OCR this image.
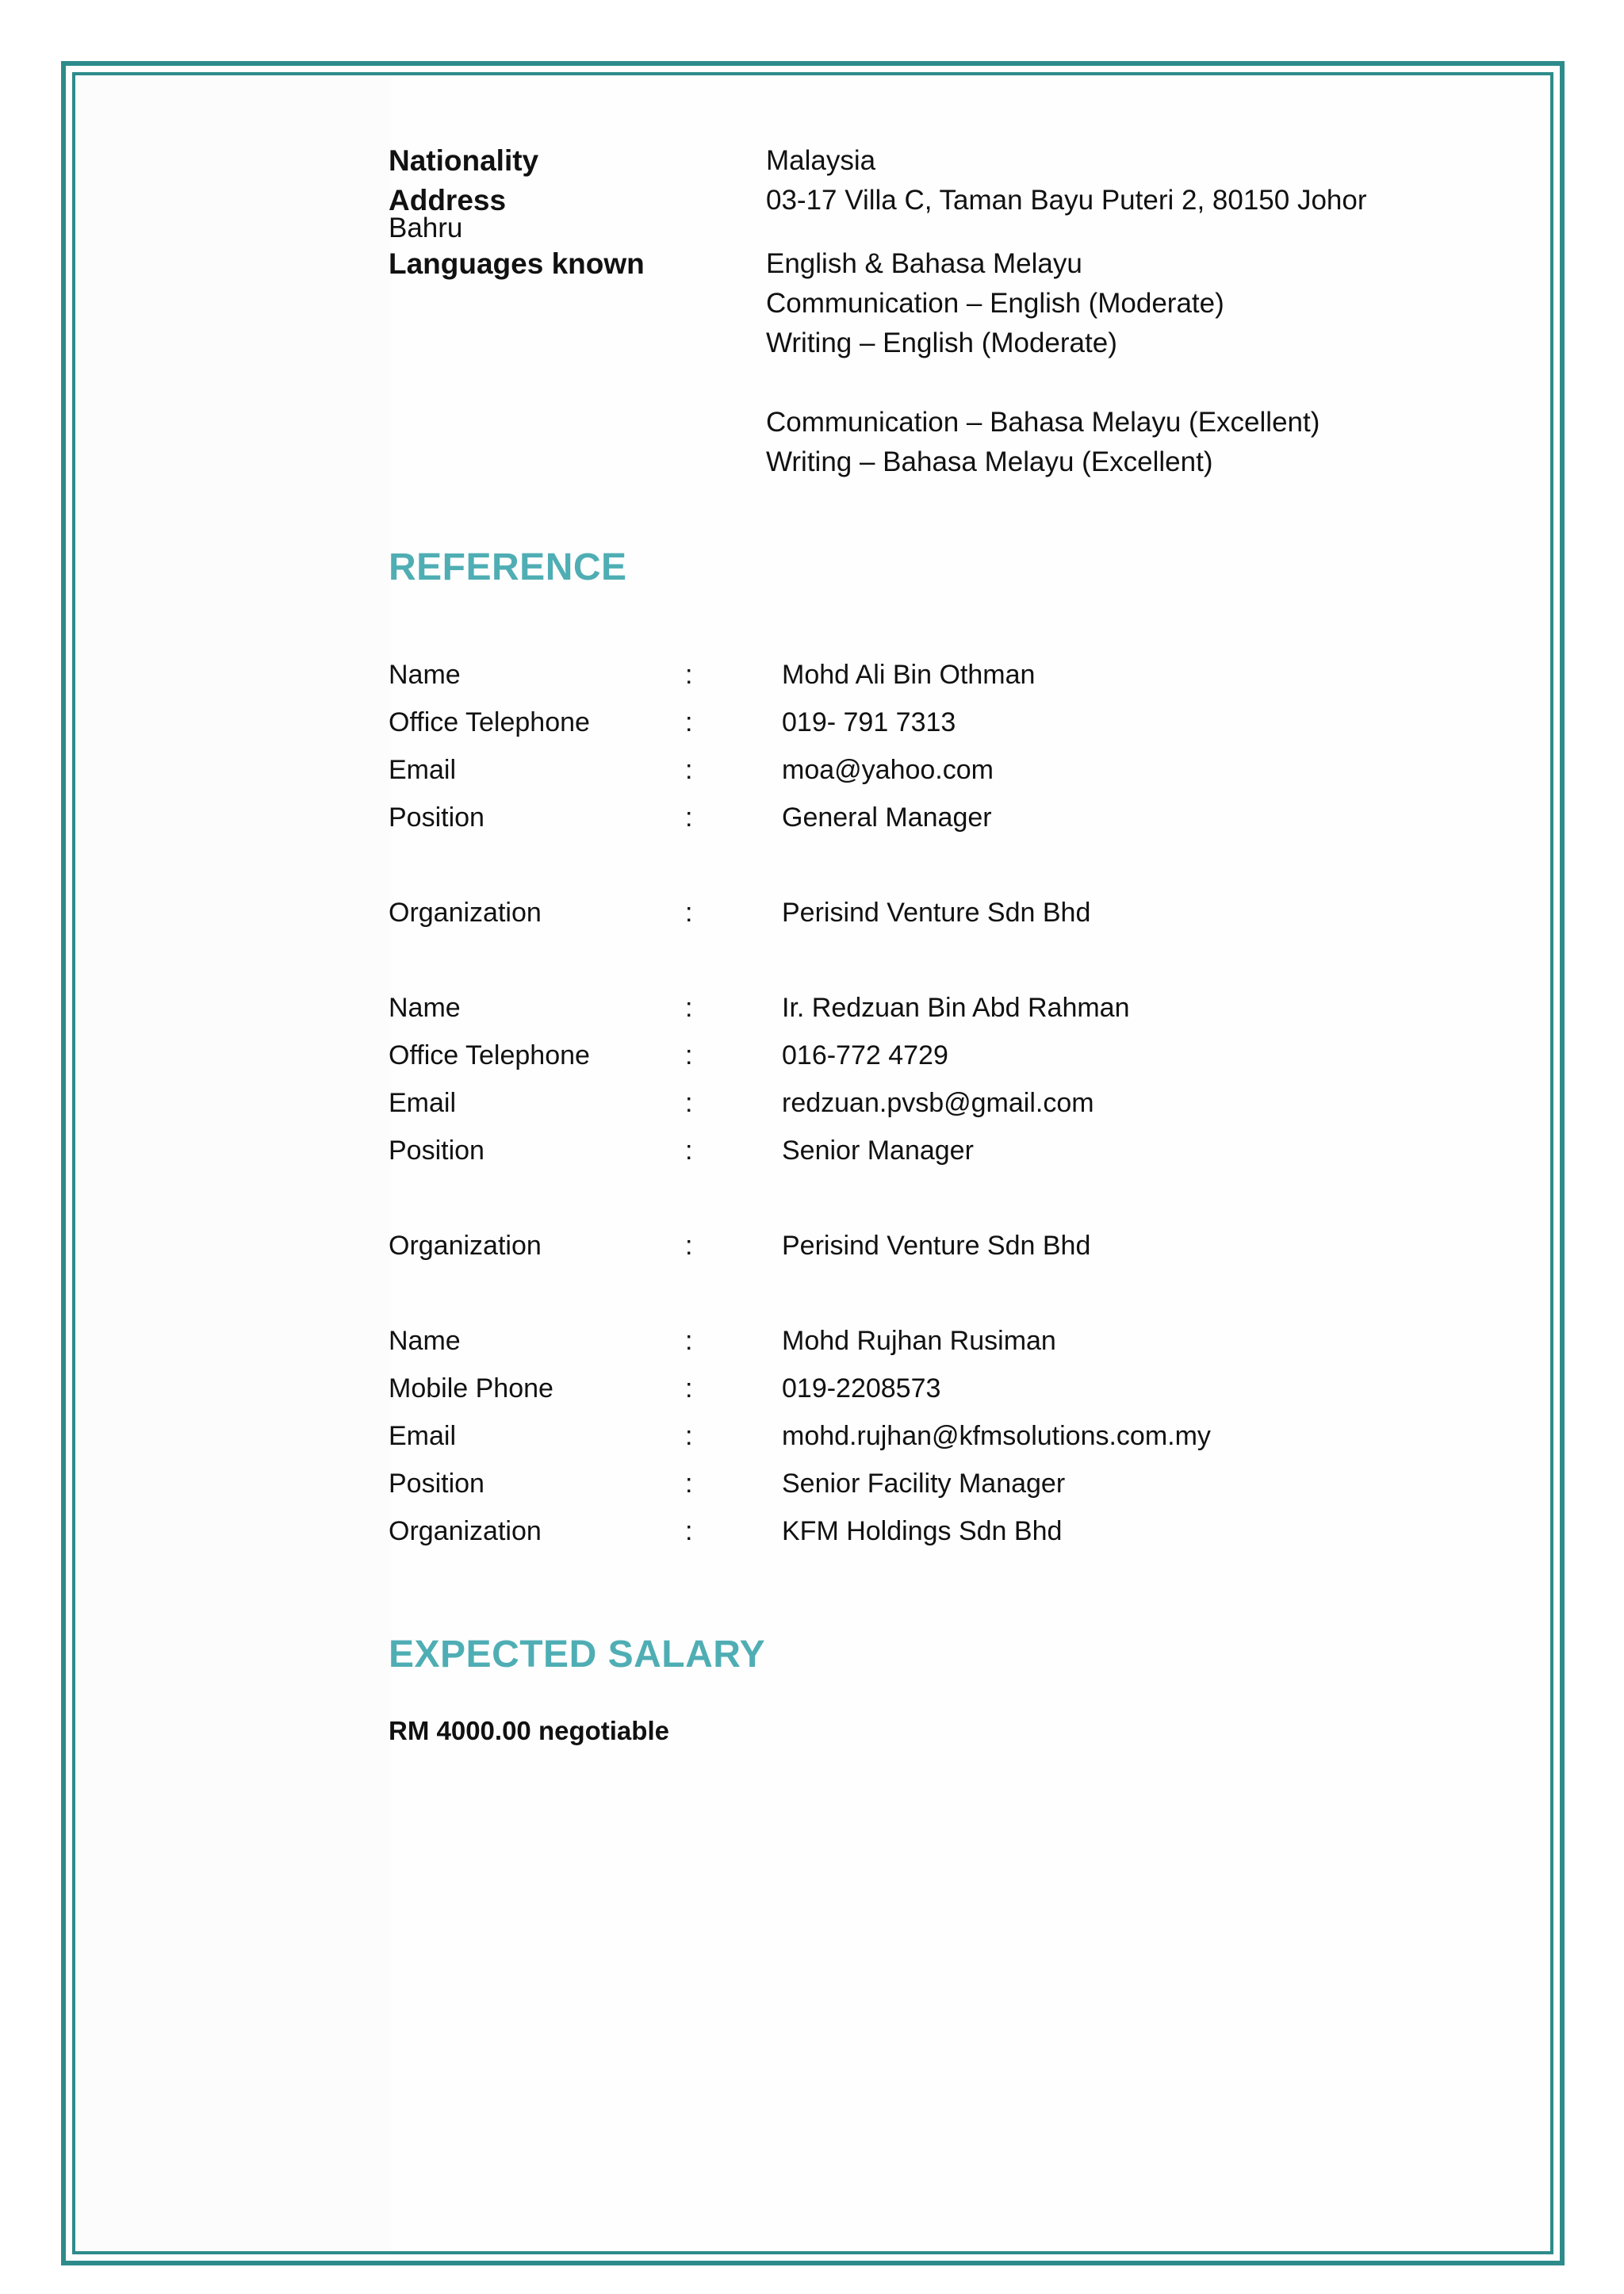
Nationality	Malaysia
Address	03-17 Villa C, Taman Bayu Puteri 2, 80150 Johor
Bahru
Languages known	English & Bahasa Melayu
Communication – English (Moderate)
Writing – English (Moderate)
Communication – Bahasa Melayu (Excellent)
Writing – Bahasa Melayu (Excellent)
REFERENCE
Name	:	Mohd Ali Bin Othman
Office Telephone	:	019- 791 7313
Email	:	moa@yahoo.com
Position	:	General Manager
Organization	:	Perisind Venture Sdn Bhd
Name	:	Ir. Redzuan Bin Abd Rahman
Office Telephone	:	016-772 4729
Email	:	redzuan.pvsb@gmail.com
Position	:	Senior Manager
Organization	:	Perisind Venture Sdn Bhd
Name	:	Mohd Rujhan Rusiman
Mobile Phone	:	019-2208573
Email	:	mohd.rujhan@kfmsolutions.com.my
Position	:	Senior Facility Manager
Organization	:	KFM Holdings Sdn Bhd
EXPECTED SALARY
RM 4000.00 negotiable
